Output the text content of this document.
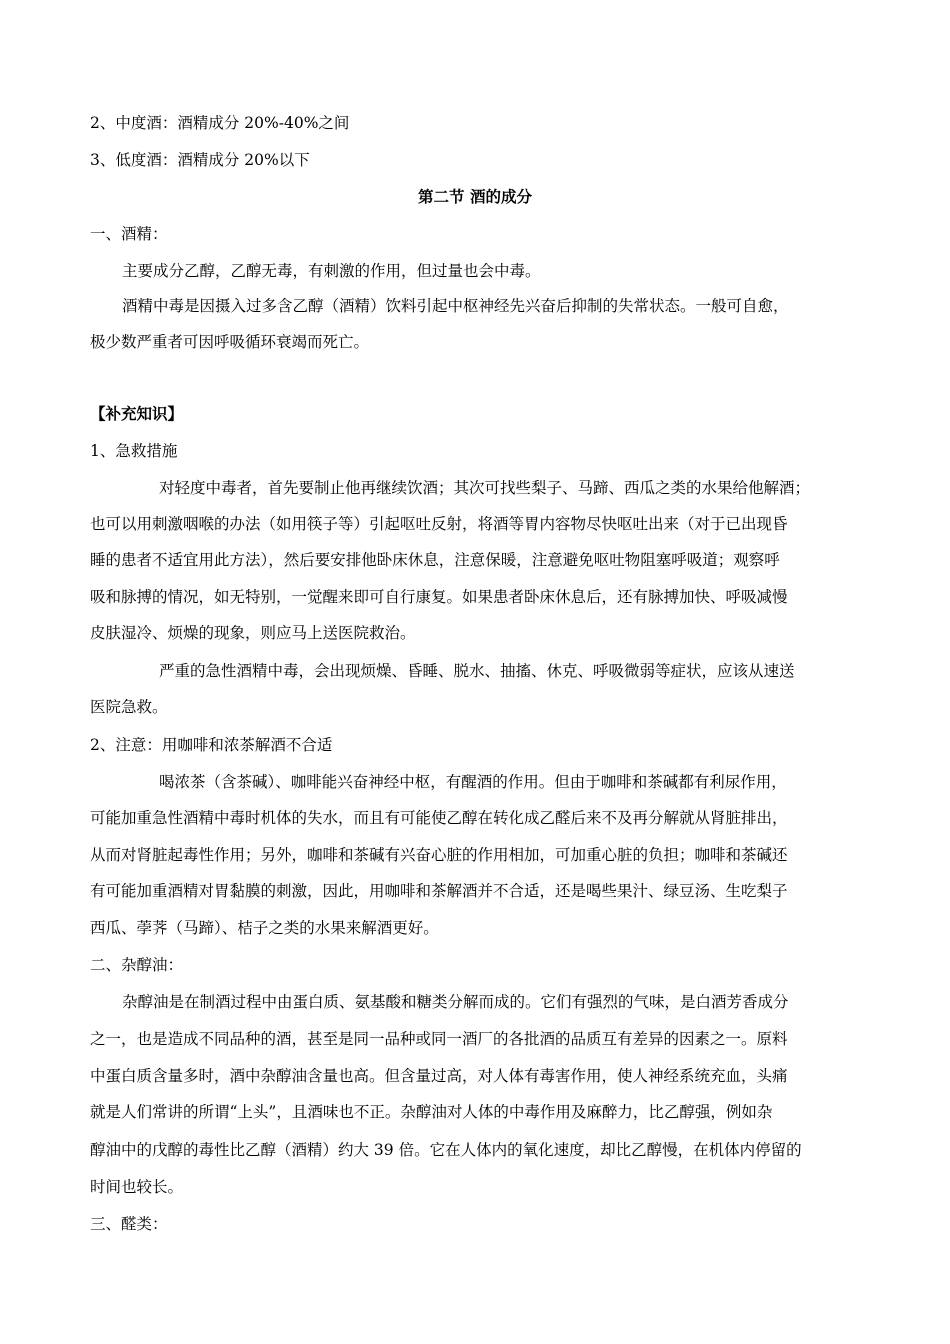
2、中度酒：酒精成分 20%-40%之间
3、低度酒：酒精成分 20%以下
第二节 酒的成分
一、酒精：
主要成分乙醇，乙醇无毒，有刺激的作用，但过量也会中毒。
酒精中毒是因摄入过多含乙醇（酒精）饮料引起中枢神经先兴奋后抑制的失常状态。一般可自愈，
极少数严重者可因呼吸循环衰竭而死亡。
【补充知识】
1、急救措施
对轻度中毒者，首先要制止他再继续饮酒；其次可找些梨子、马蹄、西瓜之类的水果给他解酒；
也可以用刺激咽喉的办法（如用筷子等）引起呕吐反射，将酒等胃内容物尽快呕吐出来（对于已出现昏
睡的患者不适宜用此方法），然后要安排他卧床休息，注意保暖，注意避免呕吐物阻塞呼吸道；观察呼
吸和脉搏的情况，如无特别，一觉醒来即可自行康复。如果患者卧床休息后，还有脉搏加快、呼吸减慢
皮肤湿冷、烦燥的现象，则应马上送医院救治。
严重的急性酒精中毒，会出现烦燥、昏睡、脱水、抽搐、休克、呼吸微弱等症状，应该从速送
医院急救。
2、注意：用咖啡和浓茶解酒不合适
喝浓茶（含茶碱）、咖啡能兴奋神经中枢，有醒酒的作用。但由于咖啡和茶碱都有利尿作用，
可能加重急性酒精中毒时机体的失水，而且有可能使乙醇在转化成乙醛后来不及再分解就从肾脏排出，
从而对肾脏起毒性作用；另外，咖啡和茶碱有兴奋心脏的作用相加，可加重心脏的负担；咖啡和茶碱还
有可能加重酒精对胃黏膜的刺激，因此，用咖啡和茶解酒并不合适，还是喝些果汁、绿豆汤、生吃梨子
西瓜、荸荠（马蹄）、桔子之类的水果来解酒更好。
二、杂醇油：
杂醇油是在制酒过程中由蛋白质、氨基酸和糖类分解而成的。它们有强烈的气味，是白酒芳香成分
之一，也是造成不同品种的酒，甚至是同一品种或同一酒厂的各批酒的品质互有差异的因素之一。原料
中蛋白质含量多时，酒中杂醇油含量也高。但含量过高，对人体有毒害作用，使人神经系统充血，头痛
就是人们常讲的所谓“上头”，且酒味也不正。杂醇油对人体的中毒作用及麻醉力，比乙醇强，例如杂
醇油中的戊醇的毒性比乙醇（酒精）约大 39 倍。它在人体内的氧化速度，却比乙醇慢，在机体内停留的
时间也较长。
三、醛类：
